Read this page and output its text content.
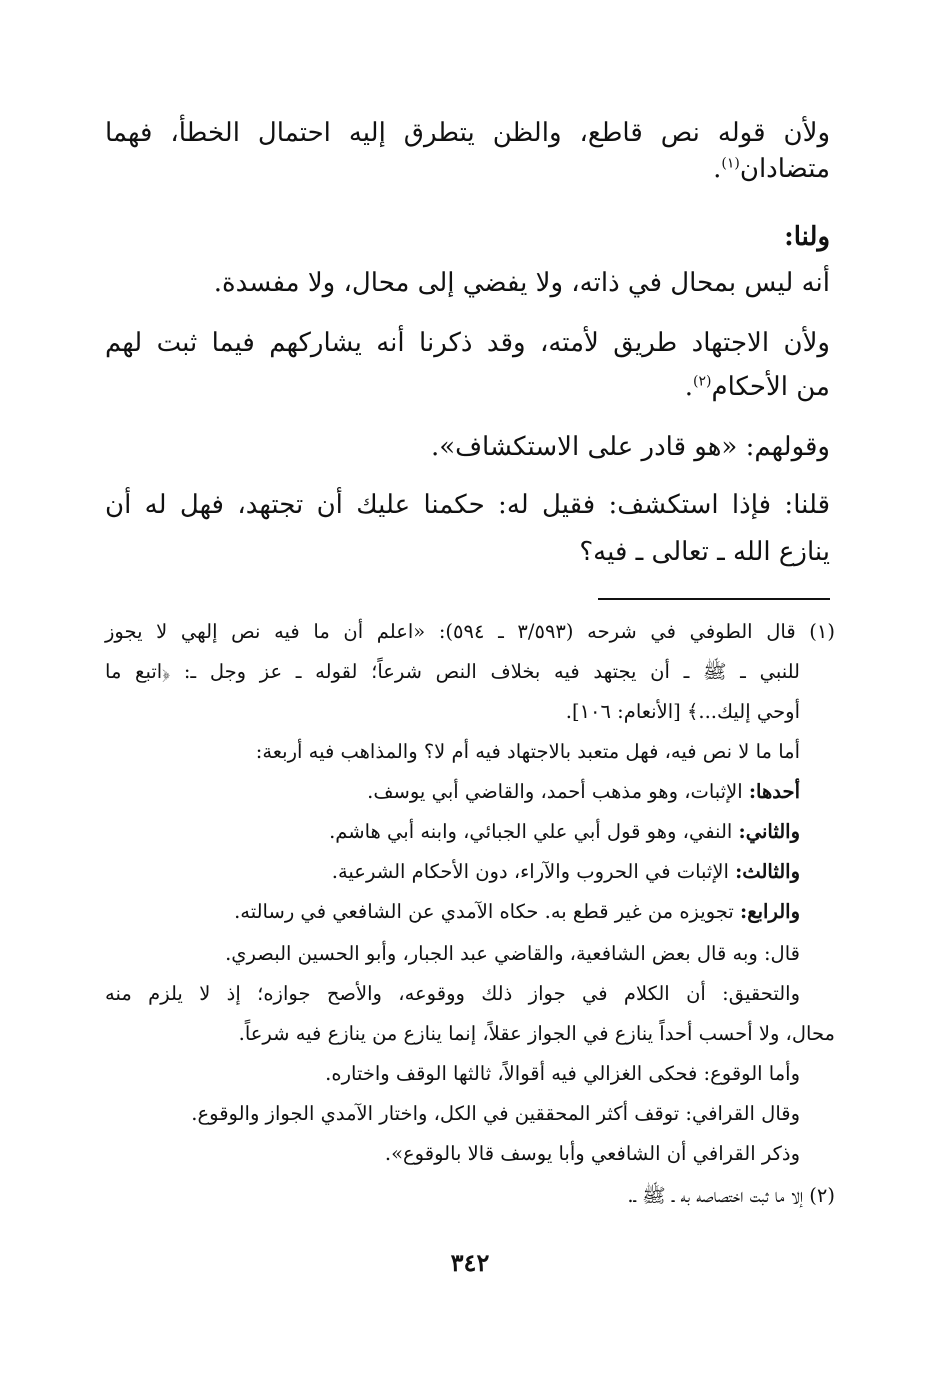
ولأن قوله نص قاطع، والظن يتطرق إليه احتمال الخطأ، فهما
متضادان$^{(١)}$.
ولنا:
أنه ليس بمحال في ذاته، ولا يفضي إلى محال، ولا مفسدة.
ولأن الاجتهاد طريق لأمته، وقد ذكرنا أنه يشاركهم فيما ثبت لهم
من الأحكام$^{(٢)}$.
وقولهم: «هو قادر على الاستكشاف».
قلنا: فإذا استكشف: فقيل له: حكمنا عليك أن تجتهد، فهل له أن
ينازع الله ـ تعالى ـ فيه؟
(١) قال الطوفي في شرحه (٣/٥٩٣ ـ ٥٩٤): «اعلم أن ما فيه نص إلهي لا يجوز
للنبي ـ ﷺ ـ أن يجتهد فيه بخلاف النص شرعاً؛ لقوله ـ عز وجل ـ: ﴿اتبع ما
أوحي إليك...﴾ [الأنعام: ١٠٦].
أما ما لا نص فيه، فهل متعبد بالاجتهاد فيه أم لا؟ والمذاهب فيه أربعة:
أحدها: الإثبات، وهو مذهب أحمد، والقاضي أبي يوسف.
والثاني: النفي، وهو قول أبي علي الجبائي، وابنه أبي هاشم.
والثالث: الإثبات في الحروب والآراء، دون الأحكام الشرعية.
والرابع: تجويزه من غير قطع به. حكاه الآمدي عن الشافعي في رسالته.
قال: وبه قال بعض الشافعية، والقاضي عبد الجبار، وأبو الحسين البصري.
والتحقيق: أن الكلام في جواز ذلك ووقوعه، والأصح جوازه؛ إذ لا يلزم منه
محال، ولا أحسب أحداً ينازع في الجواز عقلاً، إنما ينازع من ينازع فيه شرعاً.
وأما الوقوع: فحكى الغزالي فيه أقوالاً، ثالثها الوقف واختاره.
وقال القرافي: توقف أكثر المحققين في الكل، واختار الآمدي الجواز والوقوع.
وذكر القرافي أن الشافعي وأبا يوسف قالا بالوقوع».
(٢) إلا ما ثبت اختصاصه به ـ ﷺ ـ.
٣٤٢
